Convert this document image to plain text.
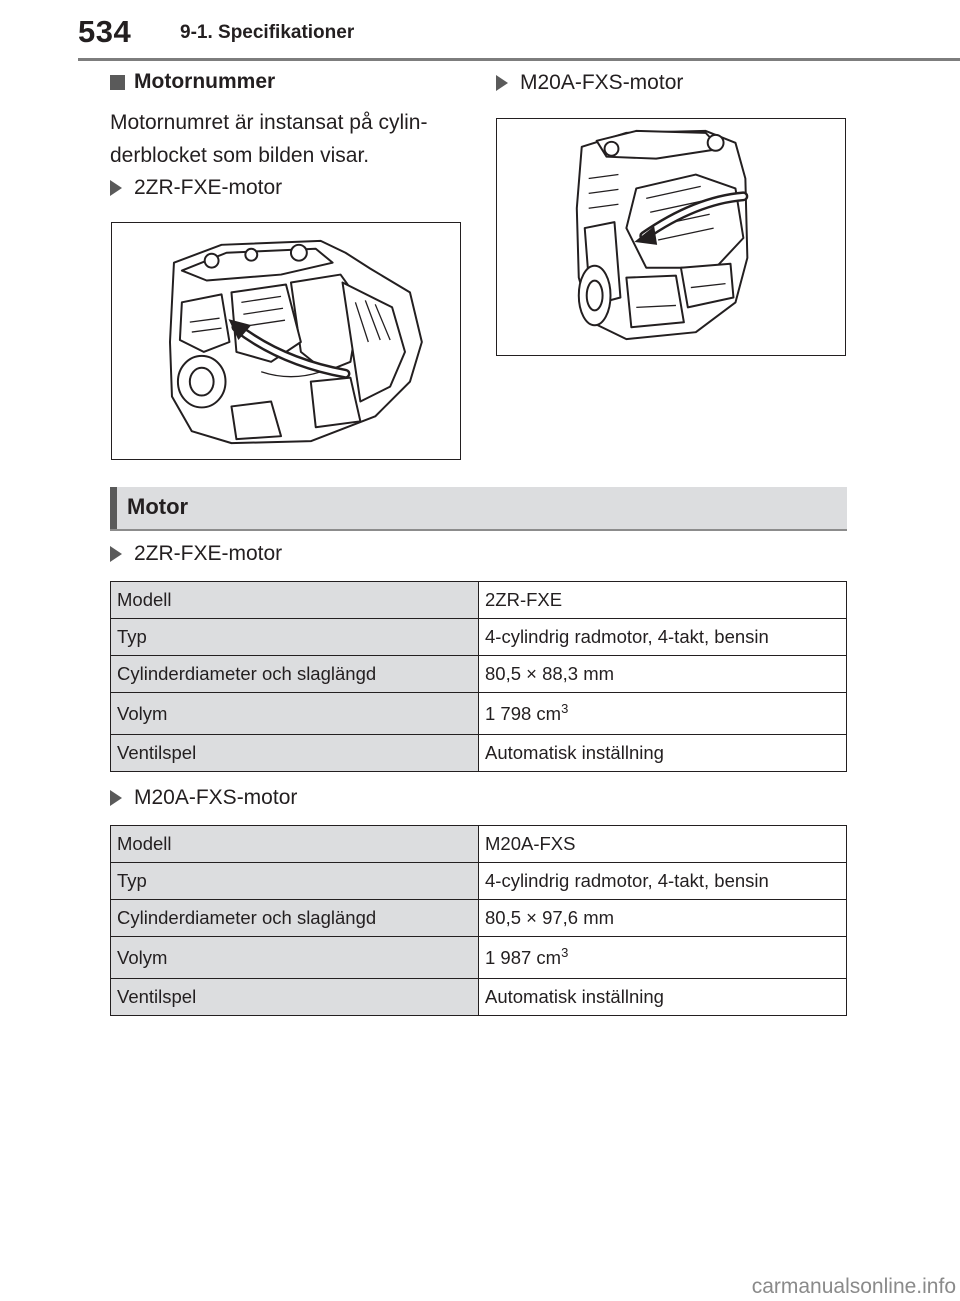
534	9-1. Specifikationer
Motornummer
Motornumret är instansat på cylin-
derblocket som bilden visar.
2ZR-FXE-motor
M20A-FXS-motor
Motor
2ZR-FXE-motor
Modell	2ZR-FXE
Typ	4-cylindrig radmotor, 4-takt, bensin
Cylinderdiameter och slaglängd	80,5 × 88,3 mm
Volym	1 798 $cm^3$
Ventilspel	Automatisk inställning
M20A-FXS-motor
Modell	M20A-FXS
Typ	4-cylindrig radmotor, 4-takt, bensin
Cylinderdiameter och slaglängd	80,5 × 97,6 mm
Volym	1 987 $cm^3$
Ventilspel	Automatisk inställning
carmanualsonline.info
